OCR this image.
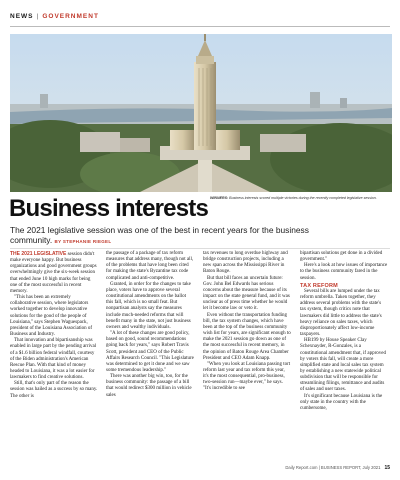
NEWS | GOVERNMENT
WINNERS: Business interests scored multiple victories during the recently completed legislative session.
Business interests
The 2021 legislative session was one of the best in recent years for the business community. BY STEPHANIE RIEGEL

THE 2021 LEGISLATIVE session didn't make everyone happy. But business organizations and good government groups overwhelmingly give the six-week session that ended June 10 high marks for being one of the most successful in recent memory.

"This has been an extremely collaborative session, where legislators worked together to develop innovative solutions for the good of the people of Louisiana," says Stephen Waguespack, president of the Louisiana Association of Business and Industry.

That innovation and bipartisanship was enabled in large part by the pending arrival of a $1.6 billion federal windfall, courtesy of the Biden administration's American Rescue Plan. With that kind of money headed to Louisiana, it was a lot easier for lawmakers to find creative solutions.

Still, that's only part of the reason the session was hailed as a success by so many. The other is

the passage of a package of tax reform measures that address many, though not all, of the problems that have long been cited for making the state's Byzantine tax code complicated and anti-competitive.

Granted, in order for the changes to take place, voters have to approve several constitutional amendments on the ballot this fall, which is no small feat. But nonpartisan analysts say the measures include much-needed reforms that will benefit many in the state, not just business owners and wealthy individuals.

"A lot of these changes are good policy, based on good, sound recommendations going back for years," says Robert Travis Scott, president and CEO of the Public Affairs Research Council. "This Legislature was determined to get it done and we saw some tremendous leadership."

There was another big win, too, for the business community: the passage of a bill that would redirect $300 million in vehicle sales

tax revenues to long overdue highway and bridge construction projects, including a new span across the Mississippi River in Baton Rouge.

But that bill faces an uncertain future: Gov. John Bel Edwards has serious concerns about the measure because of its impact on the state general fund, and it was unclear as of press time whether he would let it become law or veto it.

Even without the transportation funding bill, the tax system changes, which have been at the top of the business community wish list for years, are significant enough to make the 2021 session go down as one of the most successful in recent memory, in the opinion of Baton Rouge Area Chamber President and CEO Adam Knapp.

"When you look at Louisiana passing tort reform last year and tax reform this year, it's the most consequential, pro-business, two-session run—maybe ever," he says. "It's incredible to see

bipartisan solutions get done in a divided government."

Here's a look at how issues of importance to the business community fared in the session.

TAX REFORM

Several bills are lumped under the tax reform umbrella. Taken together, they address several problems with the state's tax system, though critics note that lawmakers did little to address the state's heavy reliance on sales taxes, which disproportionately affect low-income taxpayers.

HB199 by House Speaker Clay Schexnayder, R-Gonzales, is a constitutional amendment that, if approved by voters this fall, will create a more simplified state and local sales tax system by establishing a new statewide political subdivision that will be responsible for streamlining filings, remittance and audits of sales and user taxes.

It's significant because Louisiana is the only state in the country with the cumbersome,

Daily Report.com | BUSINESS REPORT, July 2021 15
